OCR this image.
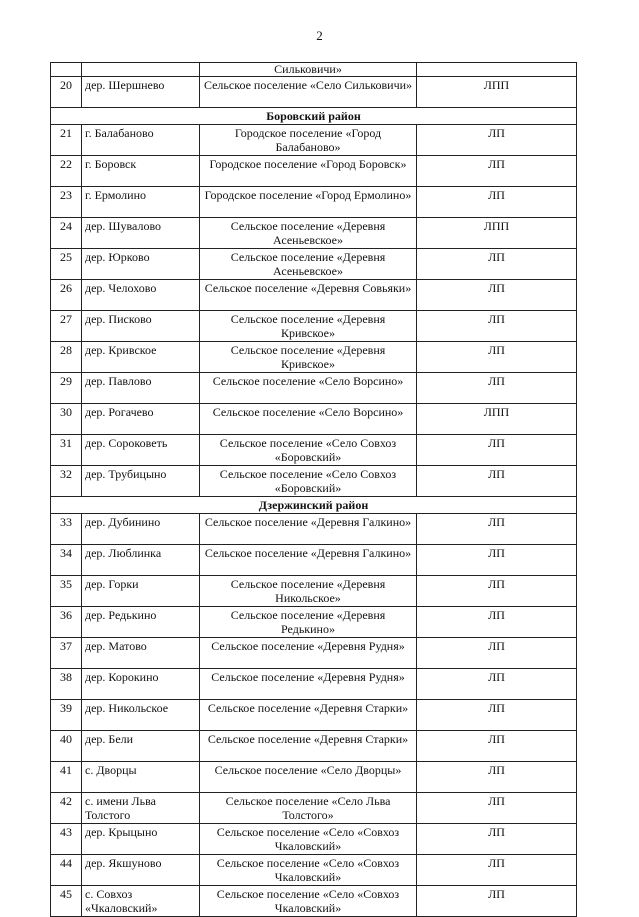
2
		Сильковичи»	
20	дер. Шершнево	Сельское поселение «Село Сильковичи»	ЛПП
Боровский район			
21	г. Балабаново	Городское поселение «Город Балабаново»	ЛП
22	г. Боровск	Городское поселение «Город Боровск»	ЛП
23	г. Ермолино	Городское поселение «Город Ермолино»	ЛП
24	дер. Шувалово	Сельское поселение «Деревня Асеньевское»	ЛПП
25	дер. Юрково	Сельское поселение «Деревня Асеньевское»	ЛП
26	дер. Челохово	Сельское поселение «Деревня Совьяки»	ЛП
27	дер. Писково	Сельское поселение «Деревня Кривское»	ЛП
28	дер. Кривское	Сельское поселение «Деревня Кривское»	ЛП
29	дер. Павлово	Сельское поселение «Село Ворсино»	ЛП
30	дер. Рогачево	Сельское поселение «Село Ворсино»	ЛПП
31	дер. Сороковеть	Сельское поселение «Село Совхоз «Боровский»	ЛП
32	дер. Трубицыно	Сельское поселение «Село Совхоз «Боровский»	ЛП
Дзержинский район			
33	дер. Дубинино	Сельское поселение «Деревня Галкино»	ЛП
34	дер. Люблинка	Сельское поселение «Деревня Галкино»	ЛП
35	дер. Горки	Сельское поселение «Деревня Никольское»	ЛП
36	дер. Редькино	Сельское поселение «Деревня Редькино»	ЛП
37	дер. Матово	Сельское поселение «Деревня Рудня»	ЛП
38	дер. Корокино	Сельское поселение «Деревня Рудня»	ЛП
39	дер. Никольское	Сельское поселение «Деревня Старки»	ЛП
40	дер. Бели	Сельское поселение «Деревня Старки»	ЛП
41	с. Дворцы	Сельское поселение «Село Дворцы»	ЛП
42	с. имени Льва Толстого	Сельское поселение «Село Льва Толстого»	ЛП
43	дер. Крыцыно	Сельское поселение «Село «Совхоз Чкаловский»	ЛП
44	дер. Якшуново	Сельское поселение «Село «Совхоз Чкаловский»	ЛП
45	с. Совхоз «Чкаловский»	Сельское поселение «Село «Совхоз Чкаловский»	ЛП
